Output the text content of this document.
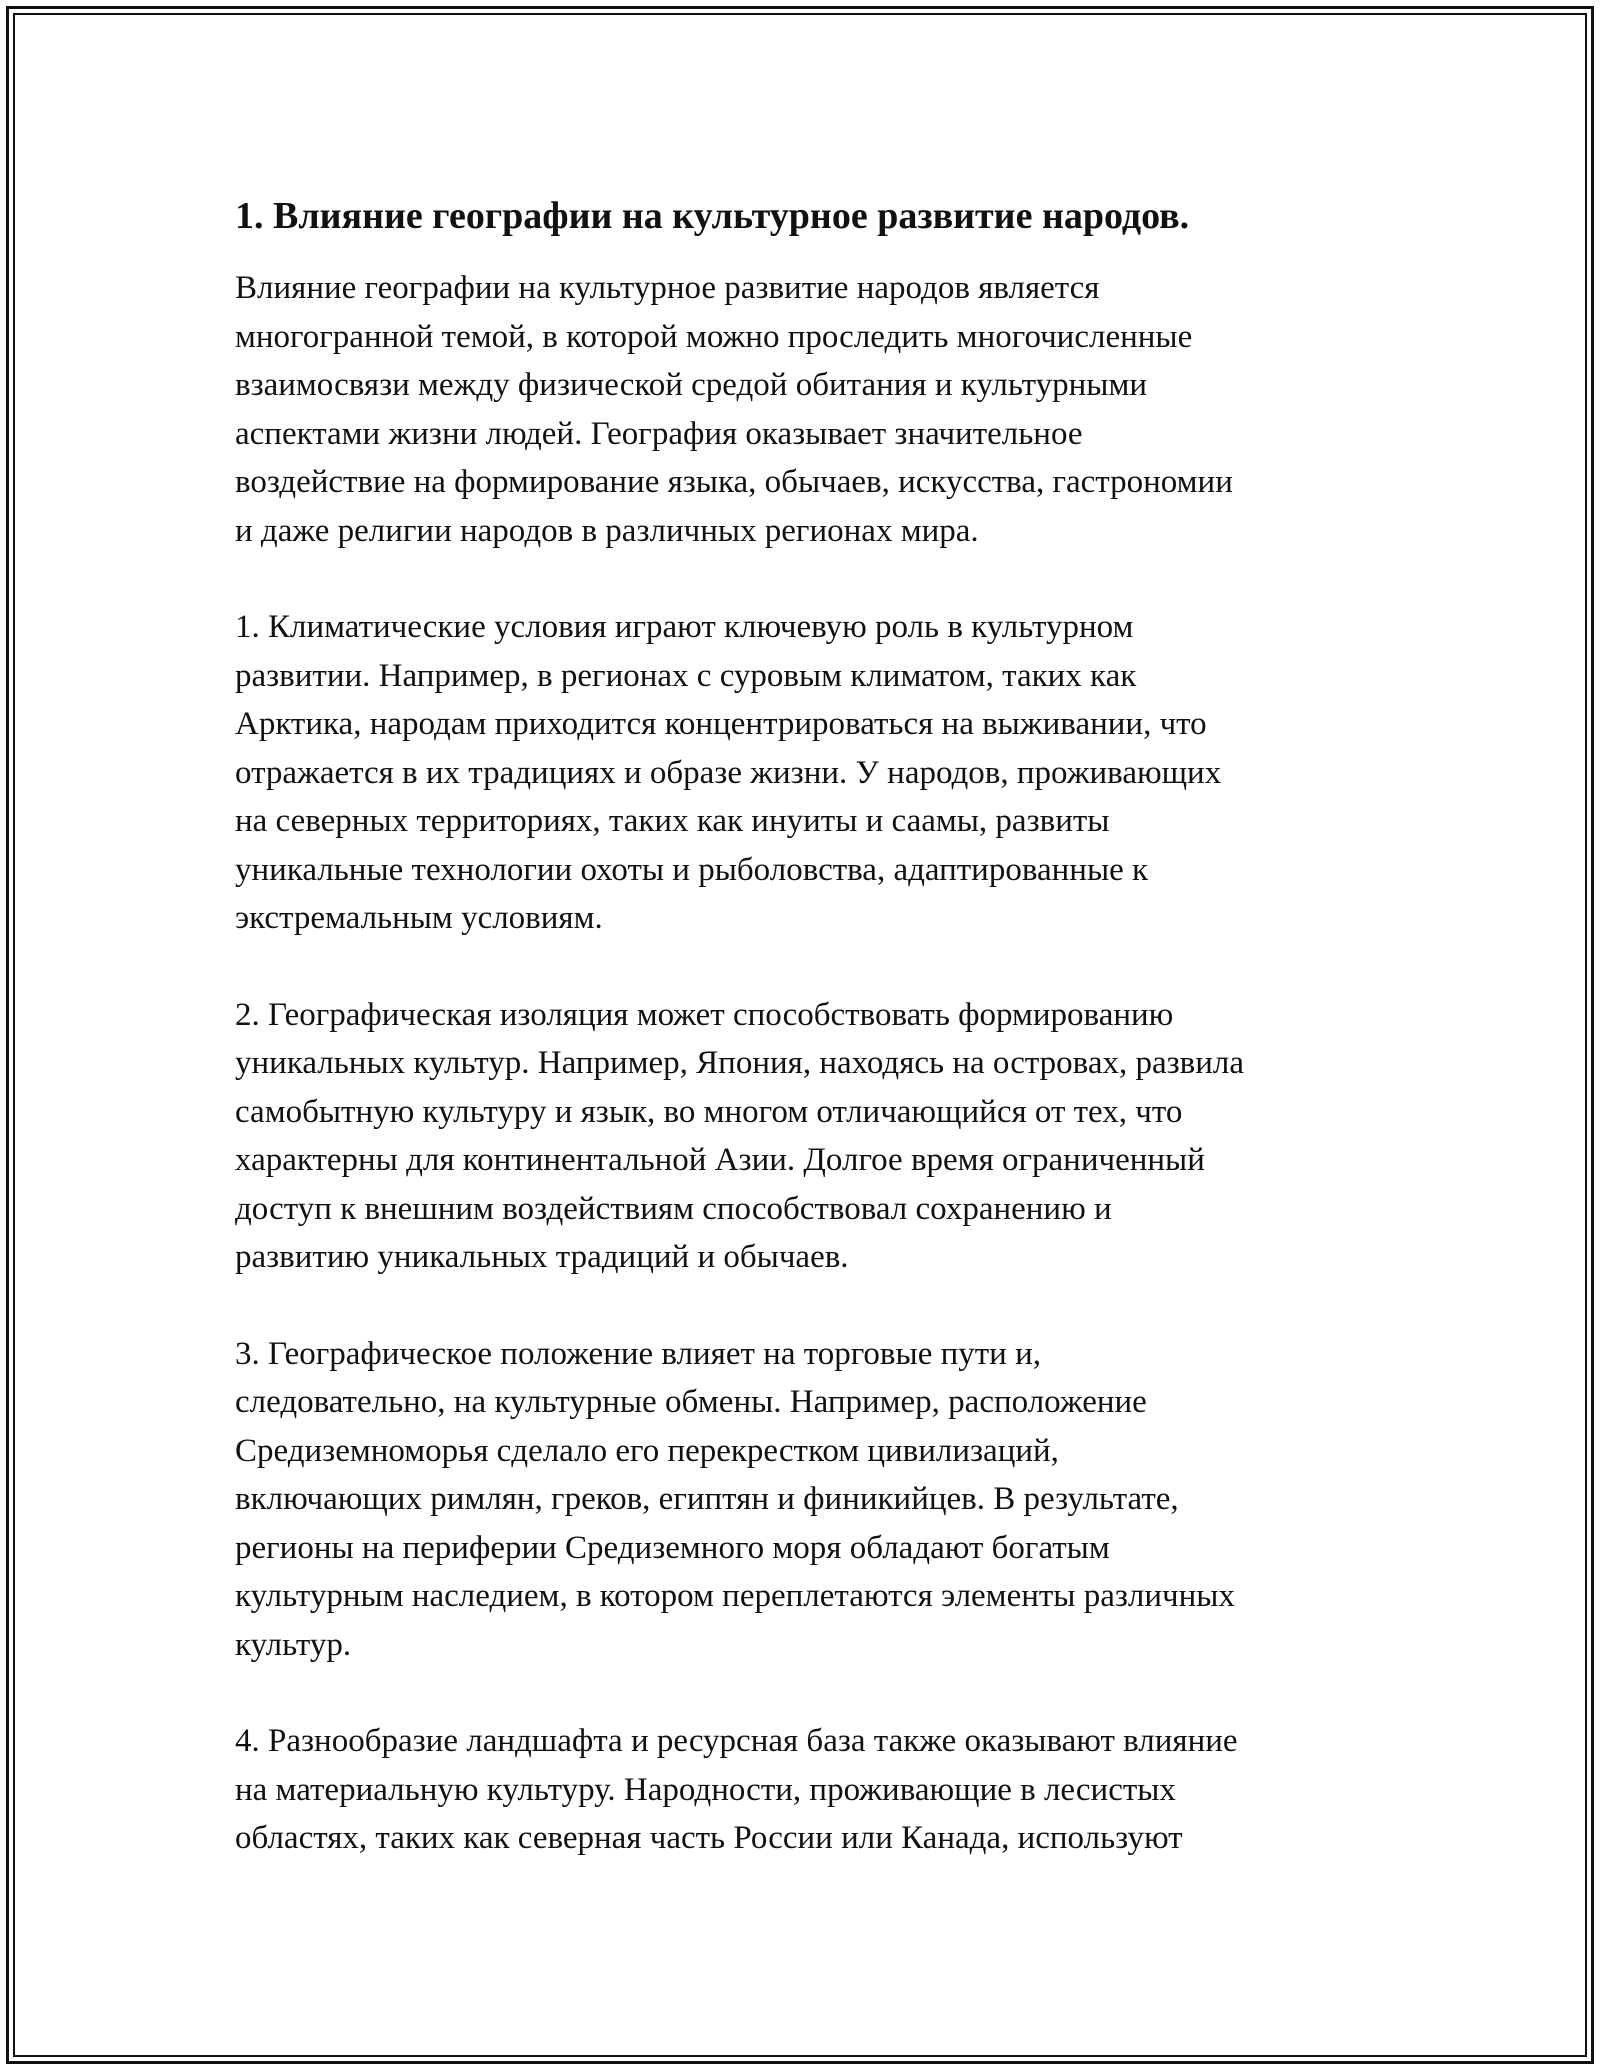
1. Влияние географии на культурное развитие народов.

Влияние географии на культурное развитие народов является
многогранной темой, в которой можно проследить многочисленные
взаимосвязи между физической средой обитания и культурными
аспектами жизни людей. География оказывает значительное
воздействие на формирование языка, обычаев, искусства, гастрономии
и даже религии народов в различных регионах мира.

1. Климатические условия играют ключевую роль в культурном
развитии. Например, в регионах с суровым климатом, таких как
Арктика, народам приходится концентрироваться на выживании, что
отражается в их традициях и образе жизни. У народов, проживающих
на северных территориях, таких как инуиты и саамы, развиты
уникальные технологии охоты и рыболовства, адаптированные к
экстремальным условиям.

2. Географическая изоляция может способствовать формированию
уникальных культур. Например, Япония, находясь на островах, развила
самобытную культуру и язык, во многом отличающийся от тех, что
характерны для континентальной Азии. Долгое время ограниченный
доступ к внешним воздействиям способствовал сохранению и
развитию уникальных традиций и обычаев.

3. Географическое положение влияет на торговые пути и,
следовательно, на культурные обмены. Например, расположение
Средиземноморья сделало его перекрестком цивилизаций,
включающих римлян, греков, египтян и финикийцев. В результате,
регионы на периферии Средиземного моря обладают богатым
культурным наследием, в котором переплетаются элементы различных
культур.

4. Разнообразие ландшафта и ресурсная база также оказывают влияние
на материальную культуру. Народности, проживающие в лесистых
областях, таких как северная часть России или Канада, используют
